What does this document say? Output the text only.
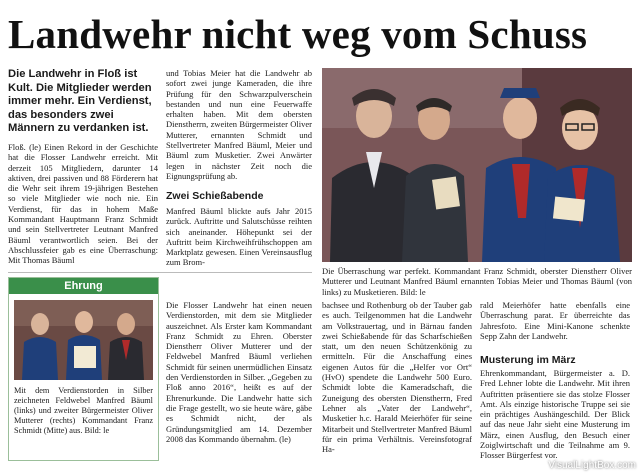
Landwehr nicht weg vom Schuss
Die Landwehr in Floß ist Kult. Die Mitglieder werden immer mehr. Ein Verdienst, das besonders zwei Männern zu verdanken ist.
Floß. (le) Einen Rekord in der Geschichte hat die Flosser Landwehr erreicht. Mit derzeit 105 Mitgliedern, darunter 14 aktiven, drei passiven und 88 Förderern hat die Wehr seit ihrem 19-jährigen Bestehen so viele Mitglieder wie noch nie. Ein Verdienst, für das in hohem Maße Kommandant Hauptmann Franz Schmidt und sein Stellvertreter Leutnant Manfred Bäuml verantwortlich seien. Bei der Abschlussfeier gab es eine Überraschung: Mit Thomas Bäuml
und Tobias Meier hat die Landwehr ab sofort zwei junge Kameraden, die ihre Prüfung für den Schwarzpulverschein bestanden und nun eine Feuerwaffe erhalten haben. Mit dem obersten Dienstherrn, zweiten Bürgermeister Oliver Mutterer, ernannten Schmidt und Stellvertreter Manfred Bäuml, Meier und Bäuml zum Musketier. Zwei Anwärter legen in nächster Zeit noch die Eignungsprüfung ab.
Zwei Schießabende
Manfred Bäuml blickte aufs Jahr 2015 zurück. Auftritte und Salutschüsse reihten sich aneinander. Höhepunkt sei der Auftritt beim Kirchweihfrühschoppen am Marktplatz gewesen. Einen Vereinsausflug zum Brom-
Die Überraschung war perfekt. Kommandant Franz Schmidt, oberster Dienstherr Oliver Mutterer und Leutnant Manfred Bäuml ernannten Tobias Meier und Thomas Bäuml (von links) zu Musketieren. Bild: le
Ehrung
Mit dem Verdienstorden in Silber zeichneten Feldwebel Manfred Bäuml (links) und zweiter Bürgermeister Oliver Mutterer (rechts) Kommandant Franz Schmidt (Mitte) aus. Bild: le
Die Flosser Landwehr hat einen neuen Verdienstorden, mit dem sie Mitglieder auszeichnet. Als Erster kam Kommandant Franz Schmidt zu Ehren. Oberster Dienstherr Oliver Mutterer und der Feldwebel Manfred Bäuml verliehen Schmidt für seinen unermüdlichen Einsatz den Verdienstorden in Silber. „Gegeben zu Floß anno 2016“, heißt es auf der Ehrenurkunde. Die Landwehr hatte sich die Frage gestellt, wo sie heute wäre, gäbe es Schmidt nicht, der als Gründungsmitglied am 14. Dezember 2008 das Kommando übernahm. (le)
bachsee und Rothenburg ob der Tauber gab es auch. Teilgenommen hat die Landwehr am Volkstrauertag, und in Bärnau fanden zwei Schießabende für das Scharfschießen statt, um den neuen Schützenkönig zu ermitteln. Für die Anschaffung eines eigenen Autos für die „Helfer vor Ort“ (HvO) spendete die Landwehr 500 Euro. Schmidt lobte die Kameradschaft, die Zuneigung des obersten Dienstherrn, Fred Lehner als „Vater der Landwehr“, Musketier h.c. Harald Meierhöfer für seine Mitarbeit und Stellvertreter Manfred Bäuml für ein prima Verhältnis. Vereinsfotograf Ha-
rald Meierhöfer hatte ebenfalls eine Überraschung parat. Er überreichte das Jahresfoto. Eine Mini-Kanone schenkte Sepp Zahn der Landwehr.
Musterung im März
Ehrenkommandant, Bürgermeister a. D. Fred Lehner lobte die Landwehr. Mit ihren Auftritten präsentiere sie das stolze Flosser Amt. Als einzige historische Truppe sei sie ein prächtiges Aushängeschild. Der Blick auf das neue Jahr sieht eine Musterung im März, einen Ausflug, den Besuch einer Zoiglwirtschaft und die Teilnahme am 9. Flosser Bürgerfest vor.
VisualLightBox.com
